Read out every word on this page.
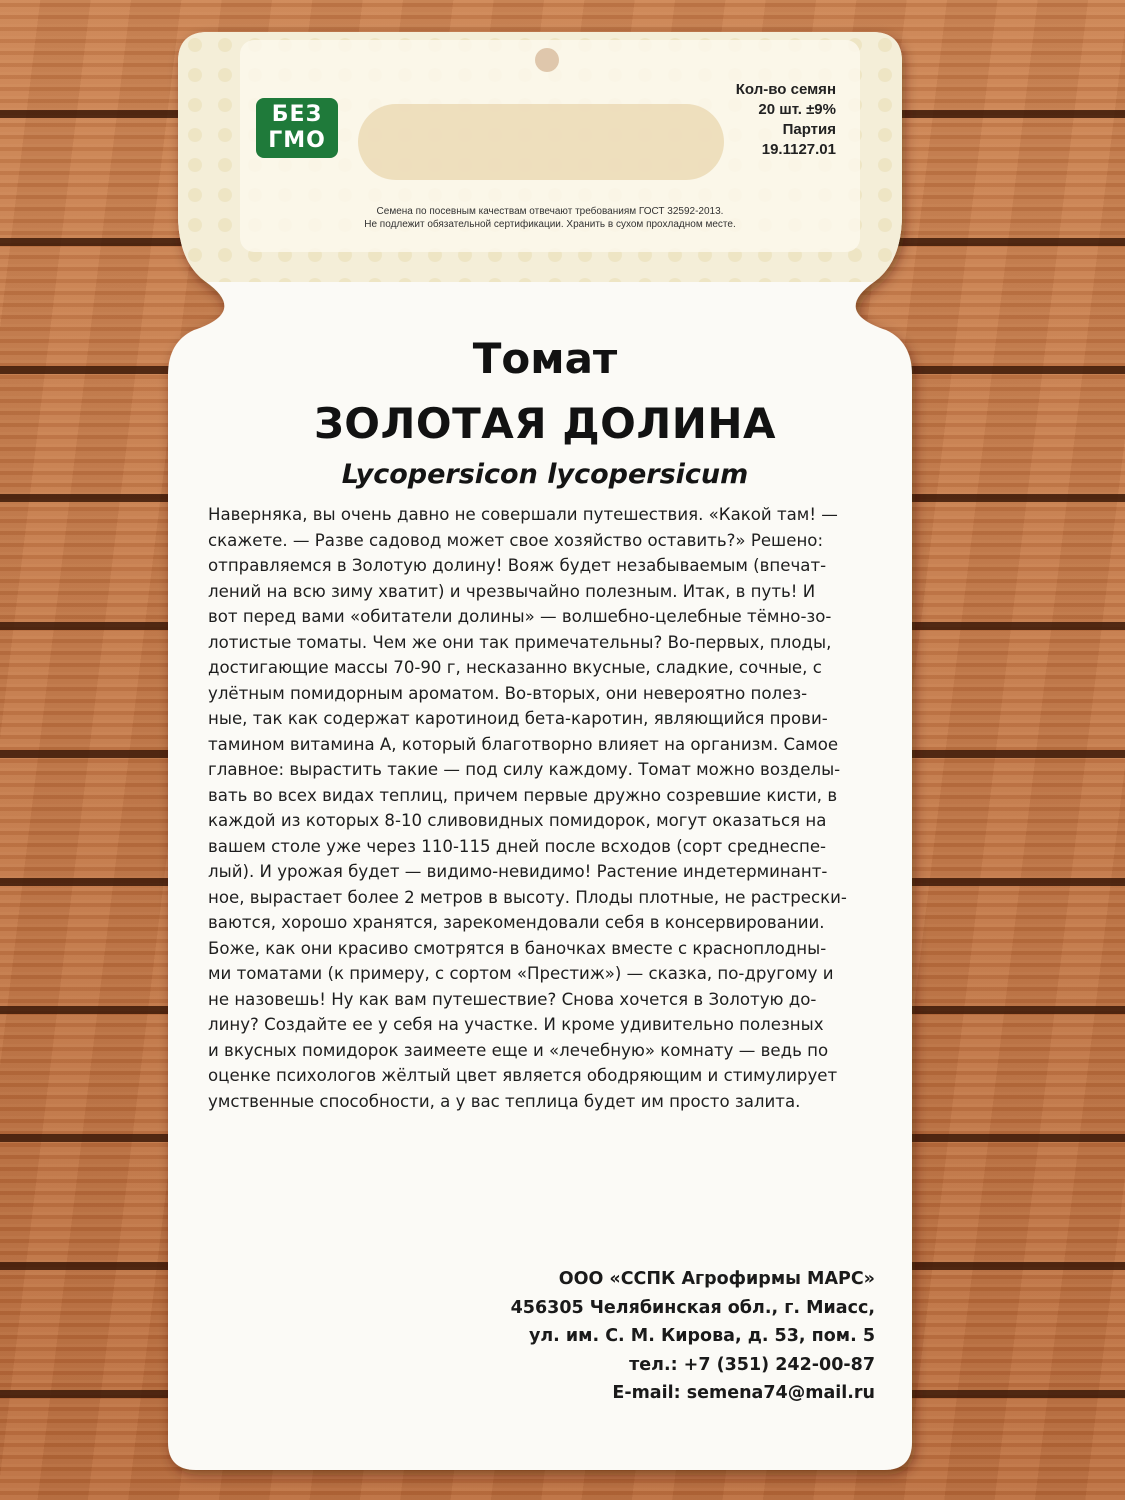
БЕЗ
ГМО
Кол-во семян
20 шт. ±9%
Партия
19.1127.01
Семена по посевным качествам отвечают требованиям ГОСТ 32592-2013.
Не подлежит обязательной сертификации. Хранить в сухом прохладном месте.
Томат
ЗОЛОТАЯ ДОЛИНА
Lycopersicon lycopersicum
Наверняка, вы очень давно не совершали путешествия. «Какой там! —
скажете. — Разве садовод может свое хозяйство оставить?» Решено:
отправляемся в Золотую долину! Вояж будет незабываемым (впечат-
лений на всю зиму хватит) и чрезвычайно полезным. Итак, в путь! И
вот перед вами «обитатели долины» — волшебно-целебные тёмно-зо-
лотистые томаты. Чем же они так примечательны? Во-первых, плоды,
достигающие массы 70-90 г, несказанно вкусные, сладкие, сочные, с
улётным помидорным ароматом. Во-вторых, они невероятно полез-
ные, так как содержат каротиноид бета-каротин, являющийся прови-
тамином витамина А, который благотворно влияет на организм. Самое
главное: вырастить такие — под силу каждому. Томат можно возделы-
вать во всех видах теплиц, причем первые дружно созревшие кисти, в
каждой из которых 8-10 сливовидных помидорок, могут оказаться на
вашем столе уже через 110-115 дней после всходов (сорт среднеспе-
лый). И урожая будет — видимо-невидимо! Растение индетерминант-
ное, вырастает более 2 метров в высоту. Плоды плотные, не растрески-
ваются, хорошо хранятся, зарекомендовали себя в консервировании.
Боже, как они красиво смотрятся в баночках вместе с краснoплодны-
ми томатами (к примеру, с сортом «Престиж») — сказка, по-другому и
не назовешь! Ну как вам путешествие? Снова хочется в Золотую до-
лину? Создайте ее у себя на участке. И кроме удивительно полезных
и вкусных помидорок заимеете еще и «лечебную» комнату — ведь по
оценке психологов жёлтый цвет является ободряющим и стимулирует
умственные способности, а у вас теплица будет им просто залита.
ООО «ССПК Агрофирмы МАРС»
456305 Челябинская обл., г. Миасс,
ул. им. С. М. Кирова, д. 53, пом. 5
тел.: +7 (351) 242-00-87
E-mail: semena74@mail.ru
